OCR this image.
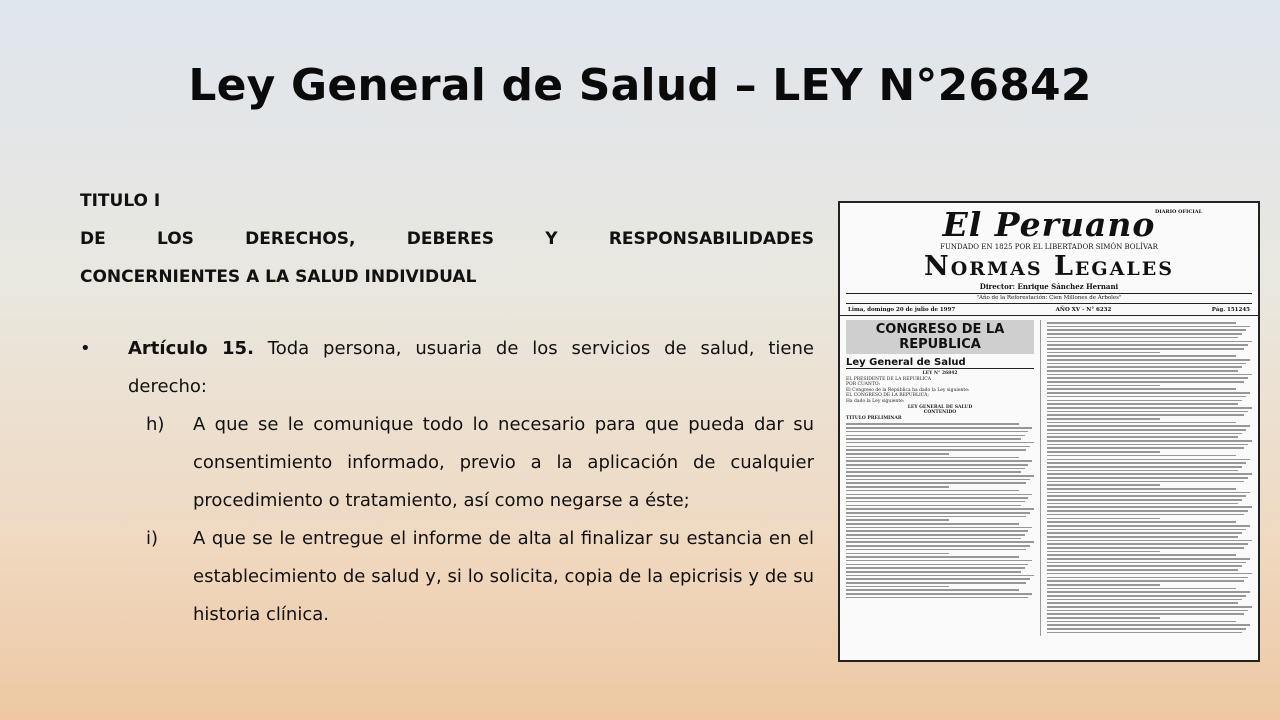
Ley General de Salud – LEY N°26842
TITULO I
DE LOS DERECHOS, DEBERES Y RESPONSABILIDADES
CONCERNIENTES A LA SALUD INDIVIDUAL
•	Artículo 15. Toda persona, usuaria de los servicios de salud, tiene derecho:
h)	A que se le comunique todo lo necesario para que pueda dar su consentimiento informado, previo a la aplicación de cualquier procedimiento o tratamiento, así como negarse a éste;
i)	A que se le entregue el informe de alta al finalizar su estancia en el establecimiento de salud y, si lo solicita, copia de la epicrisis y de su historia clínica.
DIARIO OFICIAL
El Peruano
FUNDADO EN 1825 POR EL LIBERTADOR SIMÓN BOLÍVAR
Normas Legales
Director: Enrique Sánchez Hernani
"Año de la Reforestación: Cien Millones de Árboles"
Lima, domingo 20 de julio de 1997	AÑO XV - N° 6232	Pág. 151245
CONGRESO DE LA REPUBLICA
Ley General de Salud
LEY N° 26842
EL PRESIDENTE DE LA REPUBLICA
POR CUANTO:
El Congreso de la República ha dado la Ley siguiente:
EL CONGRESO DE LA REPUBLICA;
Ha dado la Ley siguiente:
LEY GENERAL DE SALUD
CONTENIDO
TITULO PRELIMINAR
